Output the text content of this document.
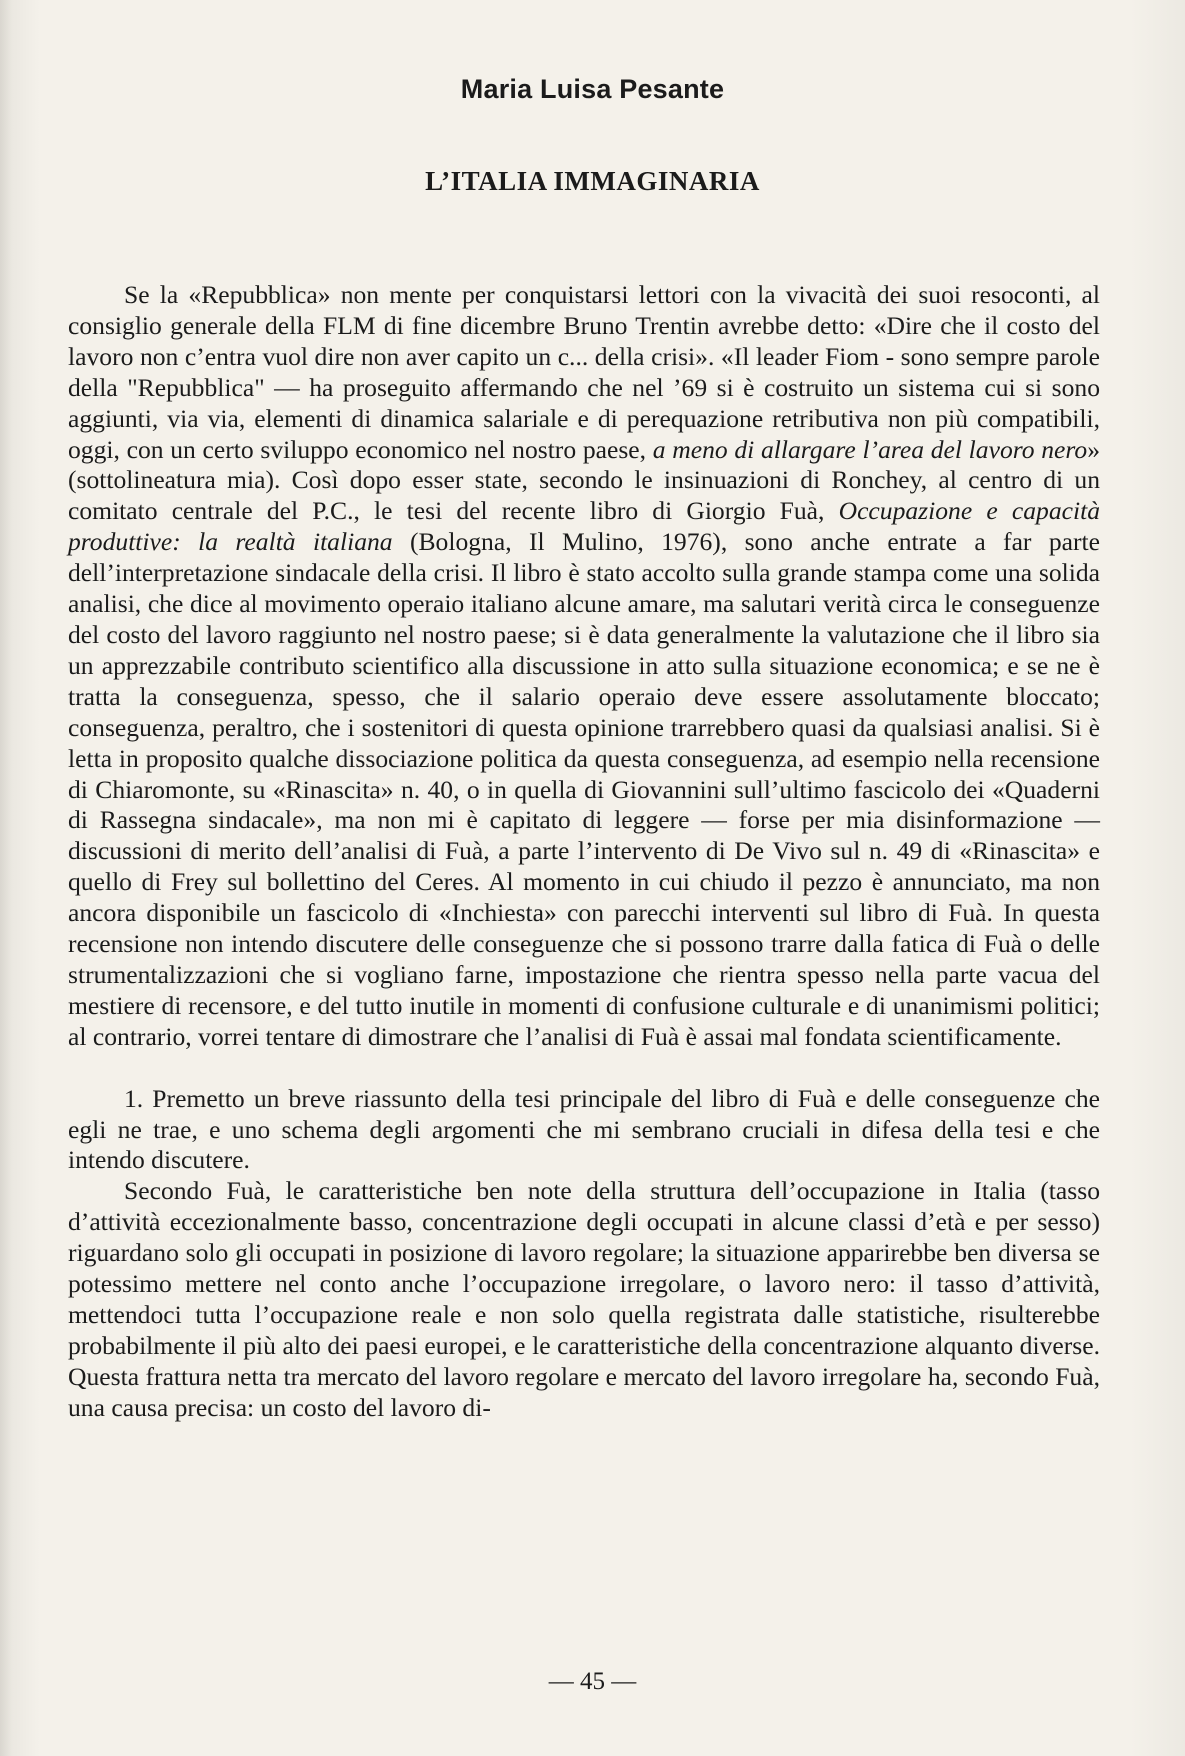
Maria Luisa Pesante
L’ITALIA IMMAGINARIA

Se la «Repubblica» non mente per conquistarsi lettori con la vivacità dei suoi resoconti, al consiglio generale della FLM di fine dicembre Bruno Trentin avrebbe detto: «Dire che il costo del lavoro non c’entra vuol dire non aver capito un c... della crisi». «Il leader Fiom - sono sempre parole della "Repubblica" — ha proseguito affermando che nel ’69 si è costruito un sistema cui si sono aggiunti, via via, elementi di dinamica salariale e di perequazione retributiva non più compatibili, oggi, con un certo sviluppo economico nel nostro paese, a meno di allargare l’area del lavoro nero» (sottolineatura mia). Così dopo esser state, secondo le insinuazioni di Ronchey, al centro di un comitato centrale del P.C., le tesi del recente libro di Giorgio Fuà, Occupazione e capacità produttive: la realtà italiana (Bologna, Il Mulino, 1976), sono anche entrate a far parte dell’interpretazione sindacale della crisi. Il libro è stato accolto sulla grande stampa come una solida analisi, che dice al movimento operaio italiano alcune amare, ma salutari verità circa le conseguenze del costo del lavoro raggiunto nel nostro paese; si è data generalmente la valutazione che il libro sia un apprezzabile contributo scientifico alla discussione in atto sulla situazione economica; e se ne è tratta la conseguenza, spesso, che il salario operaio deve essere assolutamente bloccato; conseguenza, peraltro, che i sostenitori di questa opinione trarrebbero quasi da qualsiasi analisi. Si è letta in proposito qualche dissociazione politica da questa conseguenza, ad esempio nella recensione di Chiaromonte, su «Rinascita» n. 40, o in quella di Giovannini sull’ultimo fascicolo dei «Quaderni di Rassegna sindacale», ma non mi è capitato di leggere — forse per mia disinformazione — discussioni di merito dell’analisi di Fuà, a parte l’intervento di De Vivo sul n. 49 di «Rinascita» e quello di Frey sul bollettino del Ceres. Al momento in cui chiudo il pezzo è annunciato, ma non ancora disponibile un fascicolo di «Inchiesta» con parecchi interventi sul libro di Fuà. In questa recensione non intendo discutere delle conseguenze che si possono trarre dalla fatica di Fuà o delle strumentalizzazioni che si vogliano farne, impostazione che rientra spesso nella parte vacua del mestiere di recensore, e del tutto inutile in momenti di confusione culturale e di unanimismi politici; al contrario, vorrei tentare di dimostrare che l’analisi di Fuà è assai mal fondata scientificamente.

1. Premetto un breve riassunto della tesi principale del libro di Fuà e delle conseguenze che egli ne trae, e uno schema degli argomenti che mi sembrano cruciali in difesa della tesi e che intendo discutere.

Secondo Fuà, le caratteristiche ben note della struttura dell’occupazione in Italia (tasso d’attività eccezionalmente basso, concentrazione degli occupati in alcune classi d’età e per sesso) riguardano solo gli occupati in posizione di lavoro regolare; la situazione apparirebbe ben diversa se potessimo mettere nel conto anche l’occupazione irregolare, o lavoro nero: il tasso d’attività, mettendoci tutta l’occupazione reale e non solo quella registrata dalle statistiche, risulterebbe probabilmente il più alto dei paesi europei, e le caratteristiche della concentrazione alquanto diverse. Questa frattura netta tra mercato del lavoro regolare e mercato del lavoro irregolare ha, secondo Fuà, una causa precisa: un costo del lavoro di-

— 45 —
